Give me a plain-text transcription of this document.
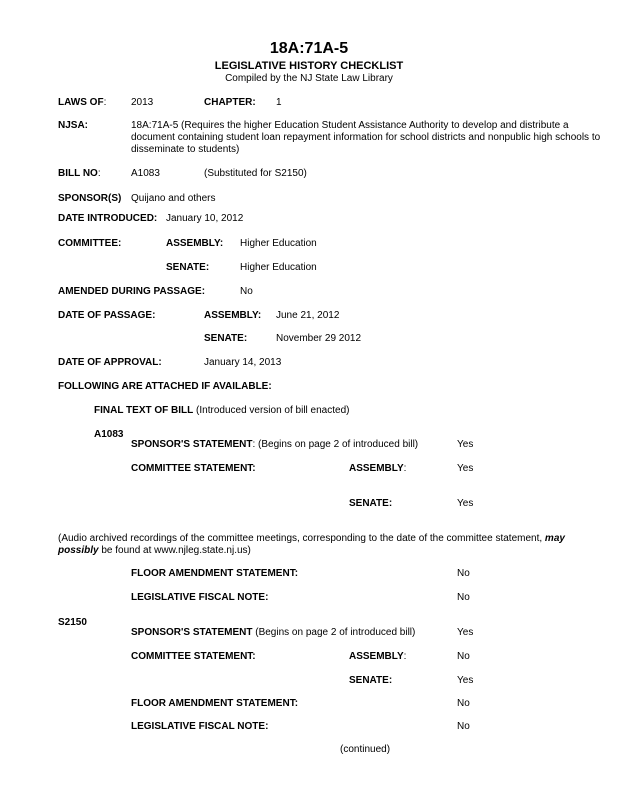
18A:71A-5
LEGISLATIVE HISTORY CHECKLIST
Compiled by the NJ State Law Library
LAWS OF: 2013	CHAPTER: 1
NJSA:	18A:71A-5 (Requires the higher Education Student Assistance Authority to develop and distribute a document containing student loan repayment information for school districts and nonpublic high schools to disseminate to students)
BILL NO:	A1083	(Substituted for S2150)
SPONSOR(S) Quijano and others
DATE INTRODUCED: January 10, 2012
COMMITTEE:	ASSEMBLY: Higher Education
SENATE:	Higher Education
AMENDED DURING PASSAGE:	No
DATE OF PASSAGE:	ASSEMBLY: June 21, 2012
SENATE:	November 29 2012
DATE OF APPROVAL:	January 14, 2013
FOLLOWING ARE ATTACHED IF AVAILABLE:
FINAL TEXT OF BILL (Introduced version of bill enacted)
A1083
SPONSOR'S STATEMENT: (Begins on page 2 of introduced bill)	Yes
COMMITTEE STATEMENT:	ASSEMBLY:	Yes
SENATE:	Yes
(Audio archived recordings of the committee meetings, corresponding to the date of the committee statement, may possibly be found at www.njleg.state.nj.us)
FLOOR AMENDMENT STATEMENT:	No
LEGISLATIVE FISCAL NOTE:	No
S2150
SPONSOR'S STATEMENT (Begins on page 2 of introduced bill)	Yes
COMMITTEE STATEMENT:	ASSEMBLY:	No
SENATE:	Yes
FLOOR AMENDMENT STATEMENT:	No
LEGISLATIVE FISCAL NOTE:	No
(continued)
